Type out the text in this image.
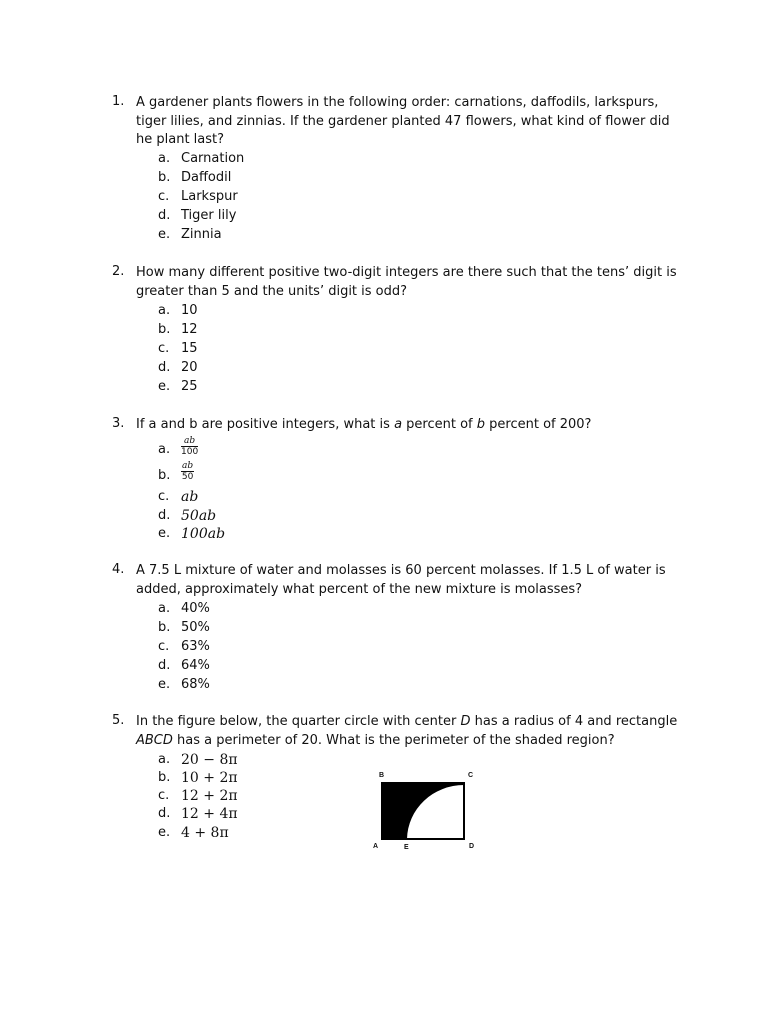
1. A gardener plants flowers in the following order: carnations, daffodils, larkspurs, tiger lilies, and zinnias. If the gardener planted 47 flowers, what kind of flower did he plant last?
a. Carnation
b. Daffodil
c. Larkspur
d. Tiger lily
e. Zinnia
2. How many different positive two-digit integers are there such that the tens’ digit is greater than 5 and the units’ digit is odd?
a. 10
b. 12
c. 15
d. 20
e. 25
3. If a and b are positive integers, what is a percent of b percent of 200?
a. $\frac{ab}{100}$
b. $\frac{ab}{50}$
c. ab
d. 50ab
e. 100ab
4. A 7.5 L mixture of water and molasses is 60 percent molasses. If 1.5 L of water is added, approximately what percent of the new mixture is molasses?
a. 40%
b. 50%
c. 63%
d. 64%
e. 68%
5. In the figure below, the quarter circle with center D has a radius of 4 and rectangle ABCD has a perimeter of 20. What is the perimeter of the shaded region?
a. 20 − 8π
b. 10 + 2π
c. 12 + 2π
d. 12 + 4π
e. 4 + 8π
B	C
A	E	D
